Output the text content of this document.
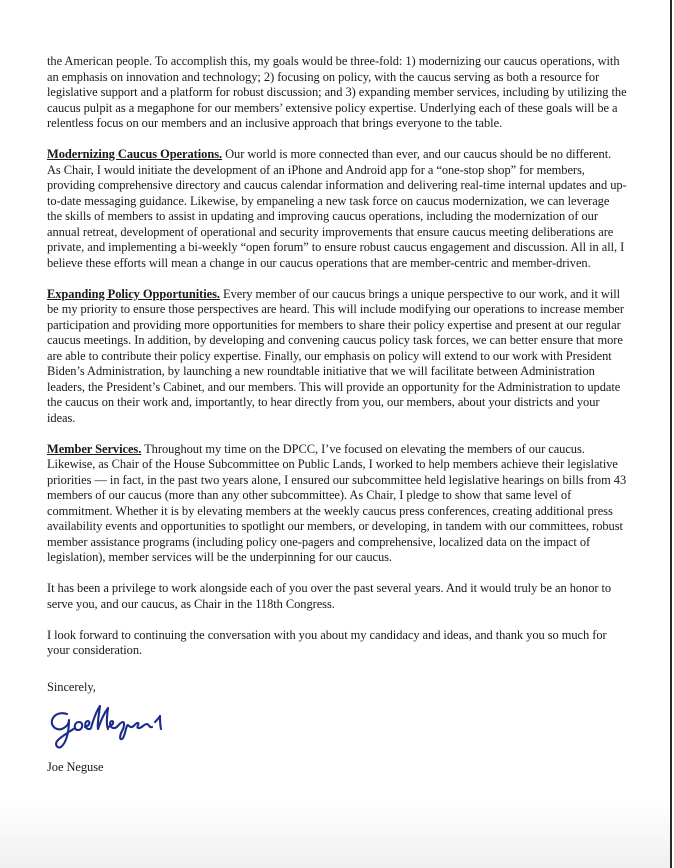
the American people. To accomplish this, my goals would be three-fold: 1) modernizing our caucus operations, with an emphasis on innovation and technology; 2) focusing on policy, with the caucus serving as both a resource for legislative support and a platform for robust discussion; and 3) expanding member services, including by utilizing the caucus pulpit as a megaphone for our members’ extensive policy expertise. Underlying each of these goals will be a relentless focus on our members and an inclusive approach that brings everyone to the table.

Modernizing Caucus Operations. Our world is more connected than ever, and our caucus should be no different. As Chair, I would initiate the development of an iPhone and Android app for a “one-stop shop” for members, providing comprehensive directory and caucus calendar information and delivering real-time internal updates and up-to-date messaging guidance. Likewise, by empaneling a new task force on caucus modernization, we can leverage the skills of members to assist in updating and improving caucus operations, including the modernization of our annual retreat, development of operational and security improvements that ensure caucus meeting deliberations are private, and implementing a bi-weekly “open forum” to ensure robust caucus engagement and discussion. All in all, I believe these efforts will mean a change in our caucus operations that are member-centric and member-driven.

Expanding Policy Opportunities. Every member of our caucus brings a unique perspective to our work, and it will be my priority to ensure those perspectives are heard. This will include modifying our operations to increase member participation and providing more opportunities for members to share their policy expertise and present at our regular caucus meetings. In addition, by developing and convening caucus policy task forces, we can better ensure that more are able to contribute their policy expertise. Finally, our emphasis on policy will extend to our work with President Biden’s Administration, by launching a new roundtable initiative that we will facilitate between Administration leaders, the President’s Cabinet, and our members. This will provide an opportunity for the Administration to update the caucus on their work and, importantly, to hear directly from you, our members, about your districts and your ideas.

Member Services. Throughout my time on the DPCC, I’ve focused on elevating the members of our caucus. Likewise, as Chair of the House Subcommittee on Public Lands, I worked to help members achieve their legislative priorities — in fact, in the past two years alone, I ensured our subcommittee held legislative hearings on bills from 43 members of our caucus (more than any other subcommittee). As Chair, I pledge to show that same level of commitment. Whether it is by elevating members at the weekly caucus press conferences, creating additional press availability events and opportunities to spotlight our members, or developing, in tandem with our committees, robust member assistance programs (including policy one-pagers and comprehensive, localized data on the impact of legislation), member services will be the underpinning for our caucus.

It has been a privilege to work alongside each of you over the past several years. And it would truly be an honor to serve you, and our caucus, as Chair in the 118th Congress.

I look forward to continuing the conversation with you about my candidacy and ideas, and thank you so much for your consideration.

Sincerely,

Joe Neguse
